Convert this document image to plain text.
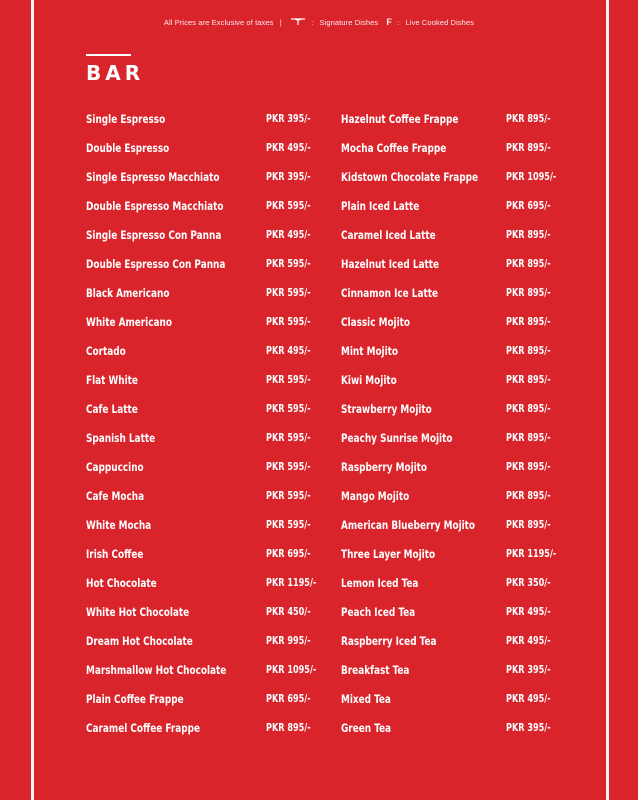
All Prices are Exclusive of taxes |	: Signature Dishes F : Live Cooked Dishes
BAR
Single Espresso	PKR 395/-
Double Espresso	PKR 495/-
Single Espresso Macchiato	PKR 395/-
Double Espresso Macchiato	PKR 595/-
Single Espresso Con Panna	PKR 495/-
Double Espresso Con Panna	PKR 595/-
Black Americano	PKR 595/-
White Americano	PKR 595/-
Cortado	PKR 495/-
Flat White	PKR 595/-
Cafe Latte	PKR 595/-
Spanish Latte	PKR 595/-
Cappuccino	PKR 595/-
Cafe Mocha	PKR 595/-
White Mocha	PKR 595/-
Irish Coffee	PKR 695/-
Hot Chocolate	PKR 1195/-
White Hot Chocolate	PKR 450/-
Dream Hot Chocolate	PKR 995/-
Marshmallow Hot Chocolate	PKR 1095/-
Plain Coffee Frappe	PKR 695/-
Caramel Coffee Frappe	PKR 895/-
Hazelnut Coffee Frappe	PKR 895/-
Mocha Coffee Frappe	PKR 895/-
Kidstown Chocolate Frappe	PKR 1095/-
Plain Iced Latte	PKR 695/-
Caramel Iced Latte	PKR 895/-
Hazelnut Iced Latte	PKR 895/-
Cinnamon Ice Latte	PKR 895/-
Classic Mojito	PKR 895/-
Mint Mojito	PKR 895/-
Kiwi Mojito	PKR 895/-
Strawberry Mojito	PKR 895/-
Peachy Sunrise Mojito	PKR 895/-
Raspberry Mojito	PKR 895/-
Mango Mojito	PKR 895/-
American Blueberry Mojito	PKR 895/-
Three Layer Mojito	PKR 1195/-
Lemon Iced Tea	PKR 350/-
Peach Iced Tea	PKR 495/-
Raspberry Iced Tea	PKR 495/-
Breakfast Tea	PKR 395/-
Mixed Tea	PKR 495/-
Green Tea	PKR 395/-
